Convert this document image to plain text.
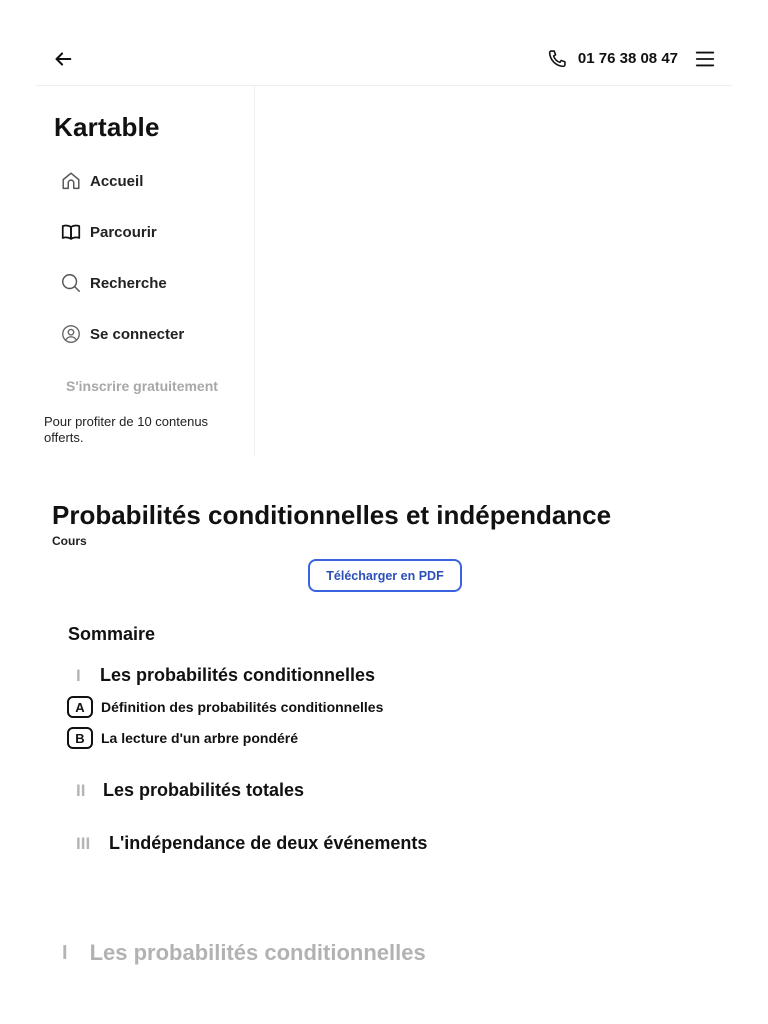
01 76 38 08 47
Kartable
Accueil
Parcourir
Recherche
Se connecter
S'inscrire gratuitement
Pour profiter de 10 contenus offerts.
Probabilités conditionnelles et indépendance
Cours
Télécharger en PDF
Sommaire
I	Les probabilités conditionnelles
A	Définition des probabilités conditionnelles
B	La lecture d'un arbre pondéré
II Les probabilités totales
III	L'indépendance de deux événements
I Les probabilités conditionnelles
